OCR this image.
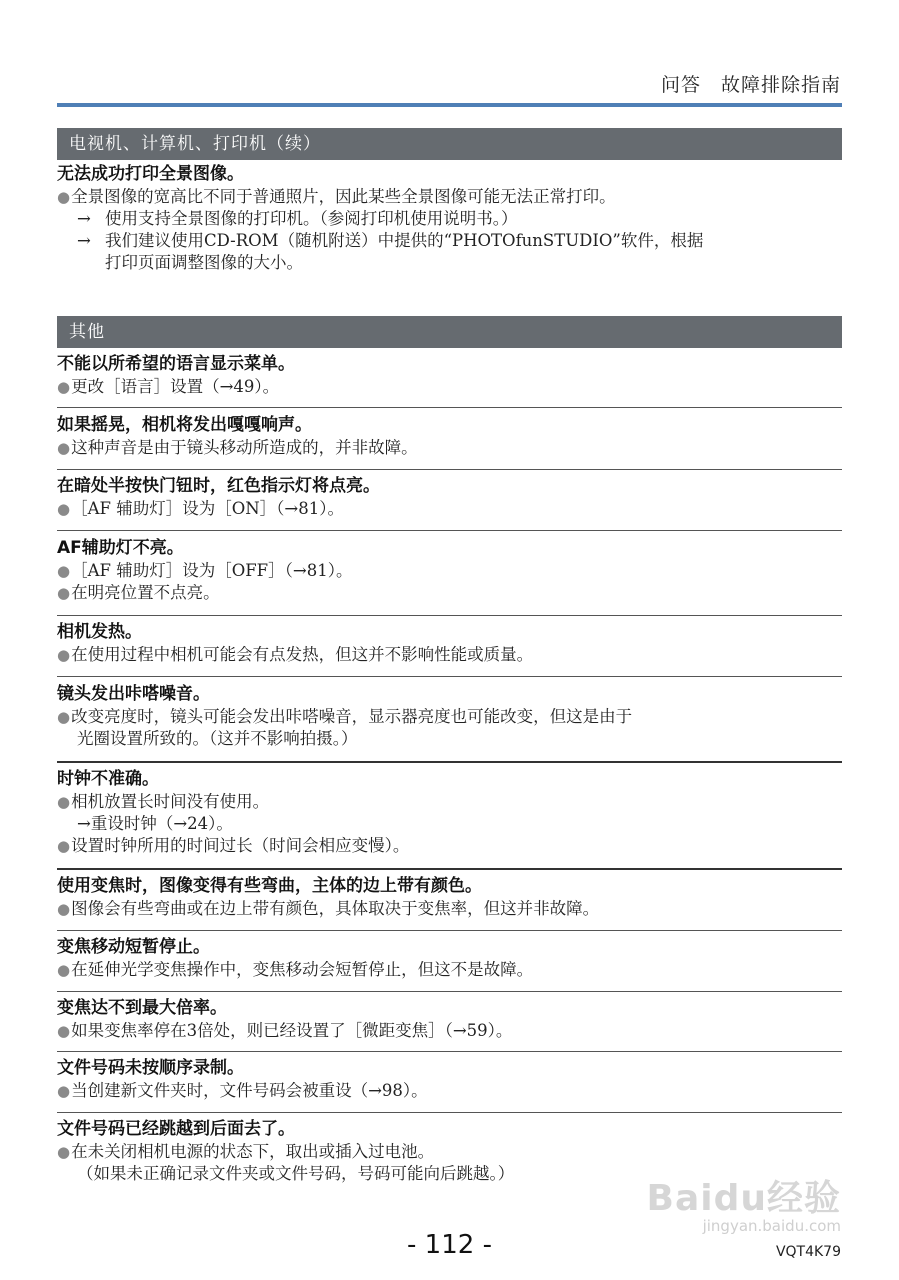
问答　故障排除指南
电视机、计算机、打印机（续）
无法成功打印全景图像。
●全景图像的宽高比不同于普通照片，因此某些全景图像可能无法正常打印。
→ 使用支持全景图像的打印机。（参阅打印机使用说明书。）
→ 我们建议使用CD-ROM（随机附送）中提供的“PHOTOfunSTUDIO”软件，根据
打印页面调整图像的大小。
其他
不能以所希望的语言显示菜单。
●更改［语言］设置（→49）。
如果摇晃，相机将发出嘎嘎响声。
●这种声音是由于镜头移动所造成的，并非故障。
在暗处半按快门钮时，红色指示灯将点亮。
●［AF 辅助灯］设为［ON］（→81）。
AF辅助灯不亮。
●［AF 辅助灯］设为［OFF］（→81）。
●在明亮位置不点亮。
相机发热。
●在使用过程中相机可能会有点发热，但这并不影响性能或质量。
镜头发出咔嗒噪音。
●改变亮度时，镜头可能会发出咔嗒噪音，显示器亮度也可能改变，但这是由于
光圈设置所致的。（这并不影响拍摄。）
时钟不准确。
●相机放置长时间没有使用。
→重设时钟（→24）。
●设置时钟所用的时间过长（时间会相应变慢）。
使用变焦时，图像变得有些弯曲，主体的边上带有颜色。
●图像会有些弯曲或在边上带有颜色，具体取决于变焦率，但这并非故障。
变焦移动短暂停止。
●在延伸光学变焦操作中，变焦移动会短暂停止，但这不是故障。
变焦达不到最大倍率。
●如果变焦率停在3倍处，则已经设置了［微距变焦］（→59）。
文件号码未按顺序录制。
●当创建新文件夹时，文件号码会被重设（→98）。
文件号码已经跳越到后面去了。
●在未关闭相机电源的状态下，取出或插入过电池。
（如果未正确记录文件夹或文件号码，号码可能向后跳越。）
Baidu经验
jingyan.baidu.com
- 112 -	VQT4K79
